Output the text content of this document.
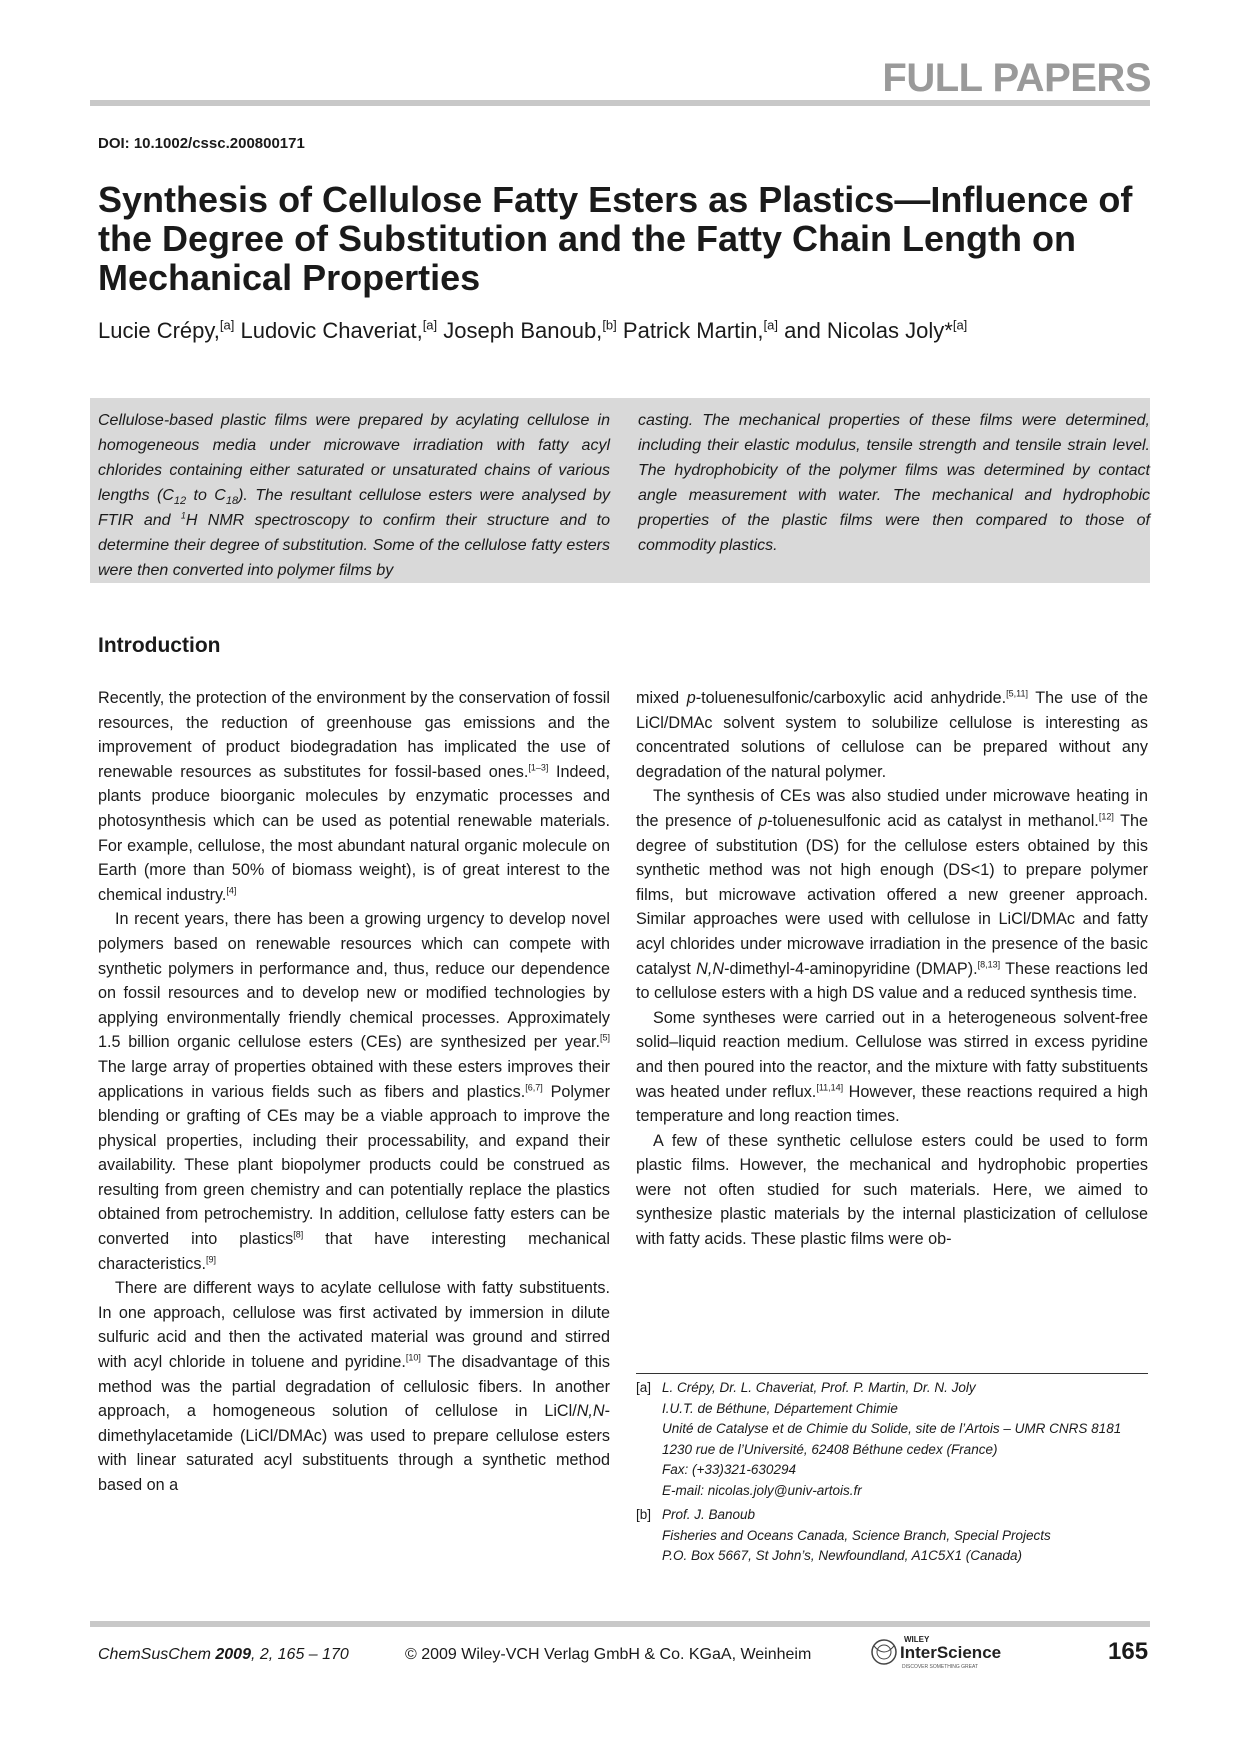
FULL PAPERS
DOI: 10.1002/cssc.200800171
Synthesis of Cellulose Fatty Esters as Plastics—Influence of the Degree of Substitution and the Fatty Chain Length on Mechanical Properties
Lucie Crépy,[a] Ludovic Chaveriat,[a] Joseph Banoub,[b] Patrick Martin,[a] and Nicolas Joly*[a]
Cellulose-based plastic films were prepared by acylating cellulose in homogeneous media under microwave irradiation with fatty acyl chlorides containing either saturated or unsaturated chains of various lengths ($C_{12}$ to $C_{18}$). The resultant cellulose esters were analysed by FTIR and $^1$H NMR spectroscopy to confirm their structure and to determine their degree of substitution. Some of the cellulose fatty esters were then converted into polymer films by
casting. The mechanical properties of these films were determined, including their elastic modulus, tensile strength and tensile strain level. The hydrophobicity of the polymer films was determined by contact angle measurement with water. The mechanical and hydrophobic properties of the plastic films were then compared to those of commodity plastics.
Introduction

Recently, the protection of the environment by the conservation of fossil resources, the reduction of greenhouse gas emissions and the improvement of product biodegradation has implicated the use of renewable resources as substitutes for fossil-based ones.[1–3] Indeed, plants produce bioorganic molecules by enzymatic processes and photosynthesis which can be used as potential renewable materials. For example, cellulose, the most abundant natural organic molecule on Earth (more than 50% of biomass weight), is of great interest to the chemical industry.[4]

In recent years, there has been a growing urgency to develop novel polymers based on renewable resources which can compete with synthetic polymers in performance and, thus, reduce our dependence on fossil resources and to develop new or modified technologies by applying environmentally friendly chemical processes. Approximately 1.5 billion organic cellulose esters (CEs) are synthesized per year.[5] The large array of properties obtained with these esters improves their applications in various fields such as fibers and plastics.[6,7] Polymer blending or grafting of CEs may be a viable approach to improve the physical properties, including their processability, and expand their availability. These plant biopolymer products could be construed as resulting from green chemistry and can potentially replace the plastics obtained from petrochemistry. In addition, cellulose fatty esters can be converted into plastics[8] that have interesting mechanical characteristics.[9]

There are different ways to acylate cellulose with fatty substituents. In one approach, cellulose was first activated by immersion in dilute sulfuric acid and then the activated material was ground and stirred with acyl chloride in toluene and pyridine.[10] The disadvantage of this method was the partial degradation of cellulosic fibers. In another approach, a homogeneous solution of cellulose in LiCl/N,N-dimethylacetamide (LiCl/DMAc) was used to prepare cellulose esters with linear saturated acyl substituents through a synthetic method based on a

mixed p-toluenesulfonic/carboxylic acid anhydride.[5,11] The use of the LiCl/DMAc solvent system to solubilize cellulose is interesting as concentrated solutions of cellulose can be prepared without any degradation of the natural polymer.

The synthesis of CEs was also studied under microwave heating in the presence of p-toluenesulfonic acid as catalyst in methanol.[12] The degree of substitution (DS) for the cellulose esters obtained by this synthetic method was not high enough (DS<1) to prepare polymer films, but microwave activation offered a new greener approach. Similar approaches were used with cellulose in LiCl/DMAc and fatty acyl chlorides under microwave irradiation in the presence of the basic catalyst N,N-dimethyl-4-aminopyridine (DMAP).[8,13] These reactions led to cellulose esters with a high DS value and a reduced synthesis time.

Some syntheses were carried out in a heterogeneous solvent-free solid–liquid reaction medium. Cellulose was stirred in excess pyridine and then poured into the reactor, and the mixture with fatty substituents was heated under reflux.[11,14] However, these reactions required a high temperature and long reaction times.

A few of these synthetic cellulose esters could be used to form plastic films. However, the mechanical and hydrophobic properties were not often studied for such materials. Here, we aimed to synthesize plastic materials by the internal plasticization of cellulose with fatty acids. These plastic films were ob-

[a] L. Crépy, Dr. L. Chaveriat, Prof. P. Martin, Dr. N. Joly
I.U.T. de Béthune, Département Chimie
Unité de Catalyse et de Chimie du Solide, site de l’Artois – UMR CNRS 8181
1230 rue de l’Université, 62408 Béthune cedex (France)
Fax: (+33)321-630294
E-mail: nicolas.joly@univ-artois.fr
[b] Prof. J. Banoub
Fisheries and Oceans Canada, Science Branch, Special Projects
P.O. Box 5667, St John’s, Newfoundland, A1C5X1 (Canada)
ChemSusChem 2009, 2, 165 – 170	© 2009 Wiley-VCH Verlag GmbH & Co. KGaA, Weinheim
WILEY
InterScience
DISCOVER SOMETHING GREAT
165
